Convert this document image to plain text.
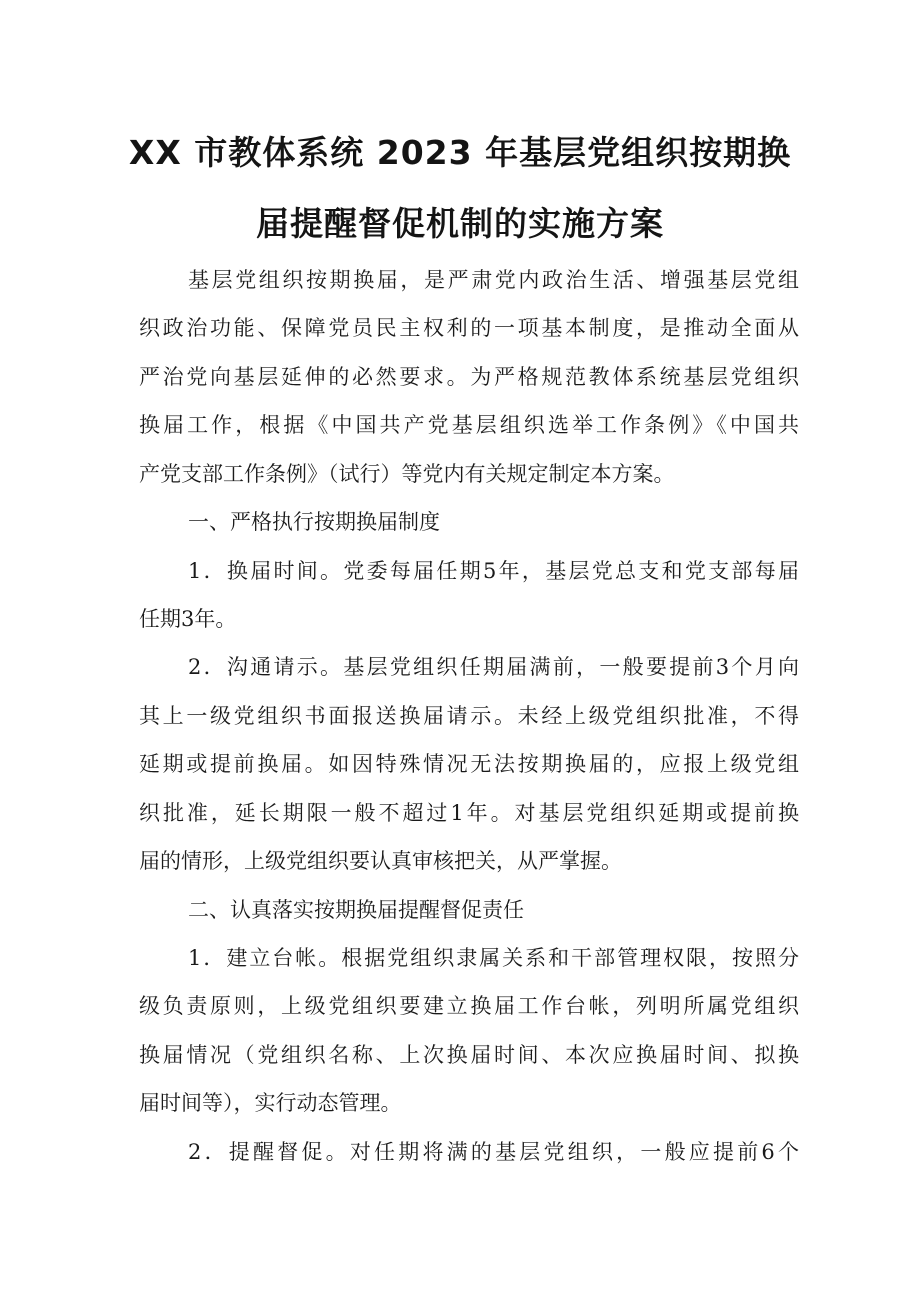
XX 市教体系统 2023 年基层党组织按期换
届提醒督促机制的实施方案
基层党组织按期换届，是严肃党内政治生活、增强基层党组
织政治功能、保障党员民主权利的一项基本制度，是推动全面从
严治党向基层延伸的必然要求。为严格规范教体系统基层党组织
换届工作，根据《中国共产党基层组织选举工作条例》《中国共
产党支部工作条例》（试行）等党内有关规定制定本方案。
一、严格执行按期换届制度
1．换届时间。党委每届任期5年，基层党总支和党支部每届
任期3年。
2．沟通请示。基层党组织任期届满前，一般要提前3个月向
其上一级党组织书面报送换届请示。未经上级党组织批准，不得
延期或提前换届。如因特殊情况无法按期换届的，应报上级党组
织批准，延长期限一般不超过1年。对基层党组织延期或提前换
届的情形，上级党组织要认真审核把关，从严掌握。
二、认真落实按期换届提醒督促责任
1．建立台帐。根据党组织隶属关系和干部管理权限，按照分
级负责原则，上级党组织要建立换届工作台帐，列明所属党组织
换届情况（党组织名称、上次换届时间、本次应换届时间、拟换
届时间等），实行动态管理。
2．提醒督促。对任期将满的基层党组织，一般应提前6个
